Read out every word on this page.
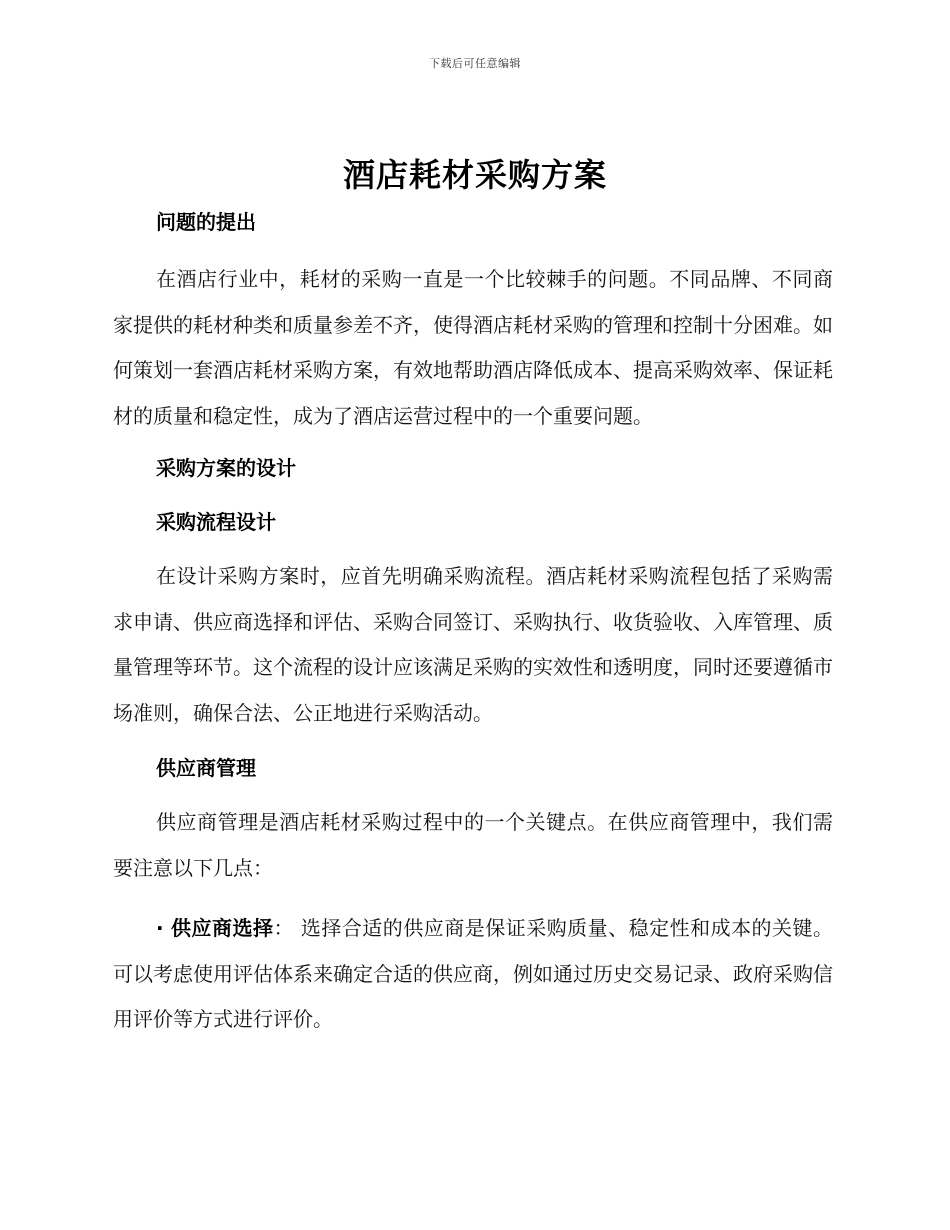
下载后可任意编辑
酒店耗材采购方案

问题的提出

在酒店行业中，耗材的采购一直是一个比较棘手的问题。不同品牌、不同商家提供的耗材种类和质量参差不齐，使得酒店耗材采购的管理和控制十分困难。如何策划一套酒店耗材采购方案，有效地帮助酒店降低成本、提高采购效率、保证耗材的质量和稳定性，成为了酒店运营过程中的一个重要问题。

采购方案的设计

采购流程设计

在设计采购方案时，应首先明确采购流程。酒店耗材采购流程包括了采购需求申请、供应商选择和评估、采购合同签订、采购执行、收货验收、入库管理、质量管理等环节。这个流程的设计应该满足采购的实效性和透明度，同时还要遵循市场准则，确保合法、公正地进行采购活动。

供应商管理

供应商管理是酒店耗材采购过程中的一个关键点。在供应商管理中，我们需要注意以下几点：

· 供应商选择： 选择合适的供应商是保证采购质量、稳定性和成本的关键。可以考虑使用评估体系来确定合适的供应商，例如通过历史交易记录、政府采购信用评价等方式进行评价。
